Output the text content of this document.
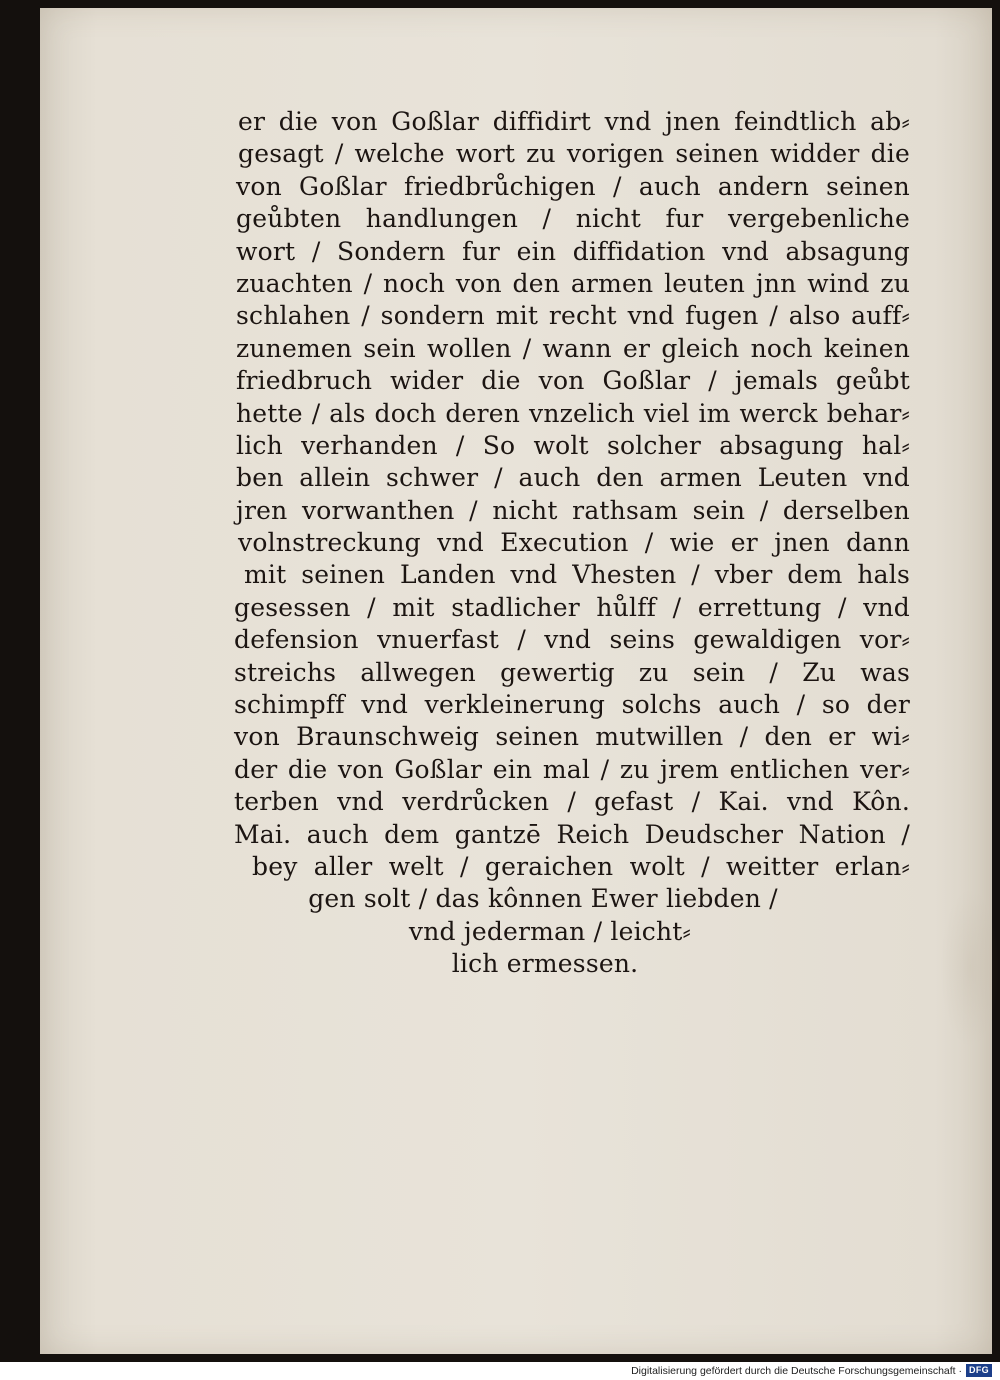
er die von Goßlar diffidirt vnd jnen feindtlich ab⸗
gesagt / welche wort zu vorigen seinen widder die
von Goßlar friedbrůchigen / auch andern seinen
geůbten handlungen / nicht fur vergebenliche
wort / Sondern fur ein diffidation vnd absagung
zuachten / noch von den armen leuten jnn wind zu
schlahen / sondern mit recht vnd fugen / also auff⸗
zunemen sein wollen / wann er gleich noch keinen
friedbruch wider die von Goßlar / jemals geůbt
hette / als doch deren vnzelich viel im werck behar⸗
lich verhanden / So wolt solcher absagung hal⸗
ben allein schwer / auch den armen Leuten vnd
jren vorwanthen / nicht rathsam sein / derselben
volnstreckung vnd Execution / wie er jnen dann
mit seinen Landen vnd Vhesten / vber dem hals
gesessen / mit stadlicher hůlff / errettung / vnd
defension vnuerfast / vnd seins gewaldigen vor⸗
streichs allwegen gewertig zu sein / Zu was
schimpff vnd verkleinerung solchs auch / so der
von Braunschweig seinen mutwillen / den er wi⸗
der die von Goßlar ein mal / zu jrem entlichen ver⸗
terben vnd verdrůcken / gefast / Kai. vnd Kôn.
Mai. auch dem gantzē Reich Deudscher Nation /
bey aller welt / geraichen wolt / weitter erlan⸗
gen solt / das kônnen Ewer liebden /
vnd jederman / leicht⸗
lich ermessen.
Digitalisierung gefördert durch die Deutsche Forschungsgemeinschaft · DFG
